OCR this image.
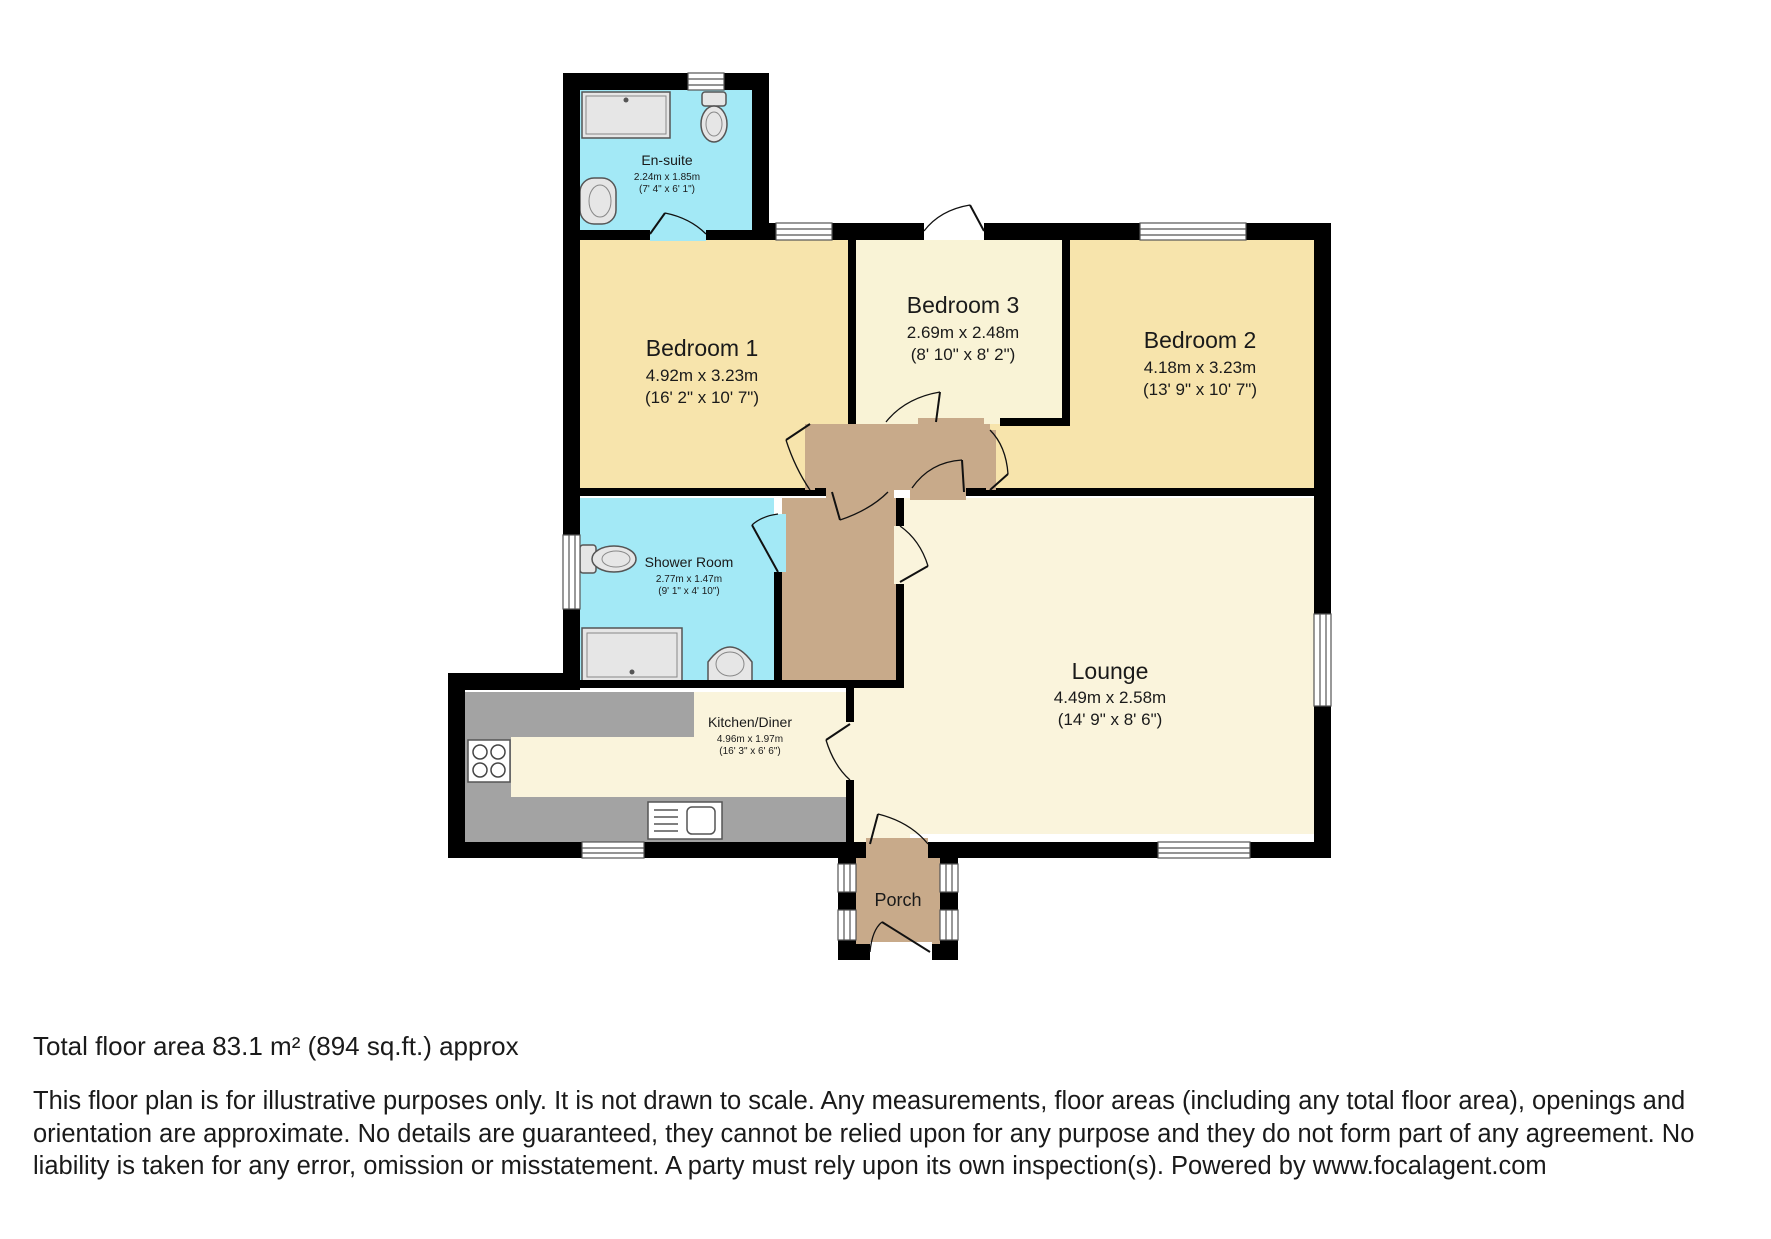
En-suite
2.24m x 1.85m
(7' 4" x 6' 1")
Bedroom 1
4.92m x 3.23m
(16' 2" x 10' 7")
Bedroom 3
2.69m x 2.48m
(8' 10" x 8' 2")
Bedroom 2
4.18m x 3.23m
(13' 9" x 10' 7")
Shower Room
2.77m x 1.47m
(9' 1" x 4' 10")
Kitchen/Diner
4.96m x 1.97m
(16' 3" x 6' 6")
Lounge
4.49m x 2.58m
(14' 9" x 8' 6")
Porch

Total floor area 83.1 m² (894 sq.ft.) approx

This floor plan is for illustrative purposes only. It is not drawn to scale. Any measurements, floor areas (including any total floor area), openings and orientation are approximate. No details are guaranteed, they cannot be relied upon for any purpose and they do not form part of any agreement. No liability is taken for any error, omission or misstatement. A party must rely upon its own inspection(s). Powered by www.focalagent.com
